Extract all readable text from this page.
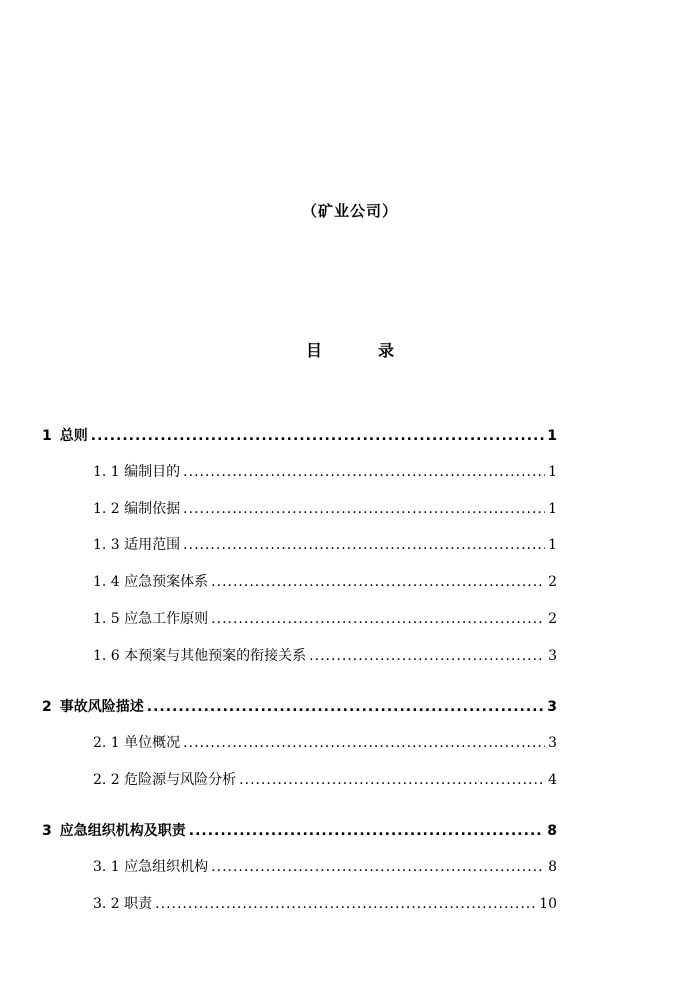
（矿业公司）
目	录
1 总则 .....	1
1. 1 编制目的 .....	1
1. 2 编制依据 .....	1
1. 3 适用范围 .....	1
1. 4 应急预案体系 .....	2
1. 5 应急工作原则 .....	2
1. 6 本预案与其他预案的衔接关系 .....	3
2 事故风险描述 .....	3
2. 1 单位概况 .....	3
2. 2 危险源与风险分析 .....	4
3 应急组织机构及职责 .....	8
3. 1 应急组织机构 .....	8
3. 2 职责 .....	10
